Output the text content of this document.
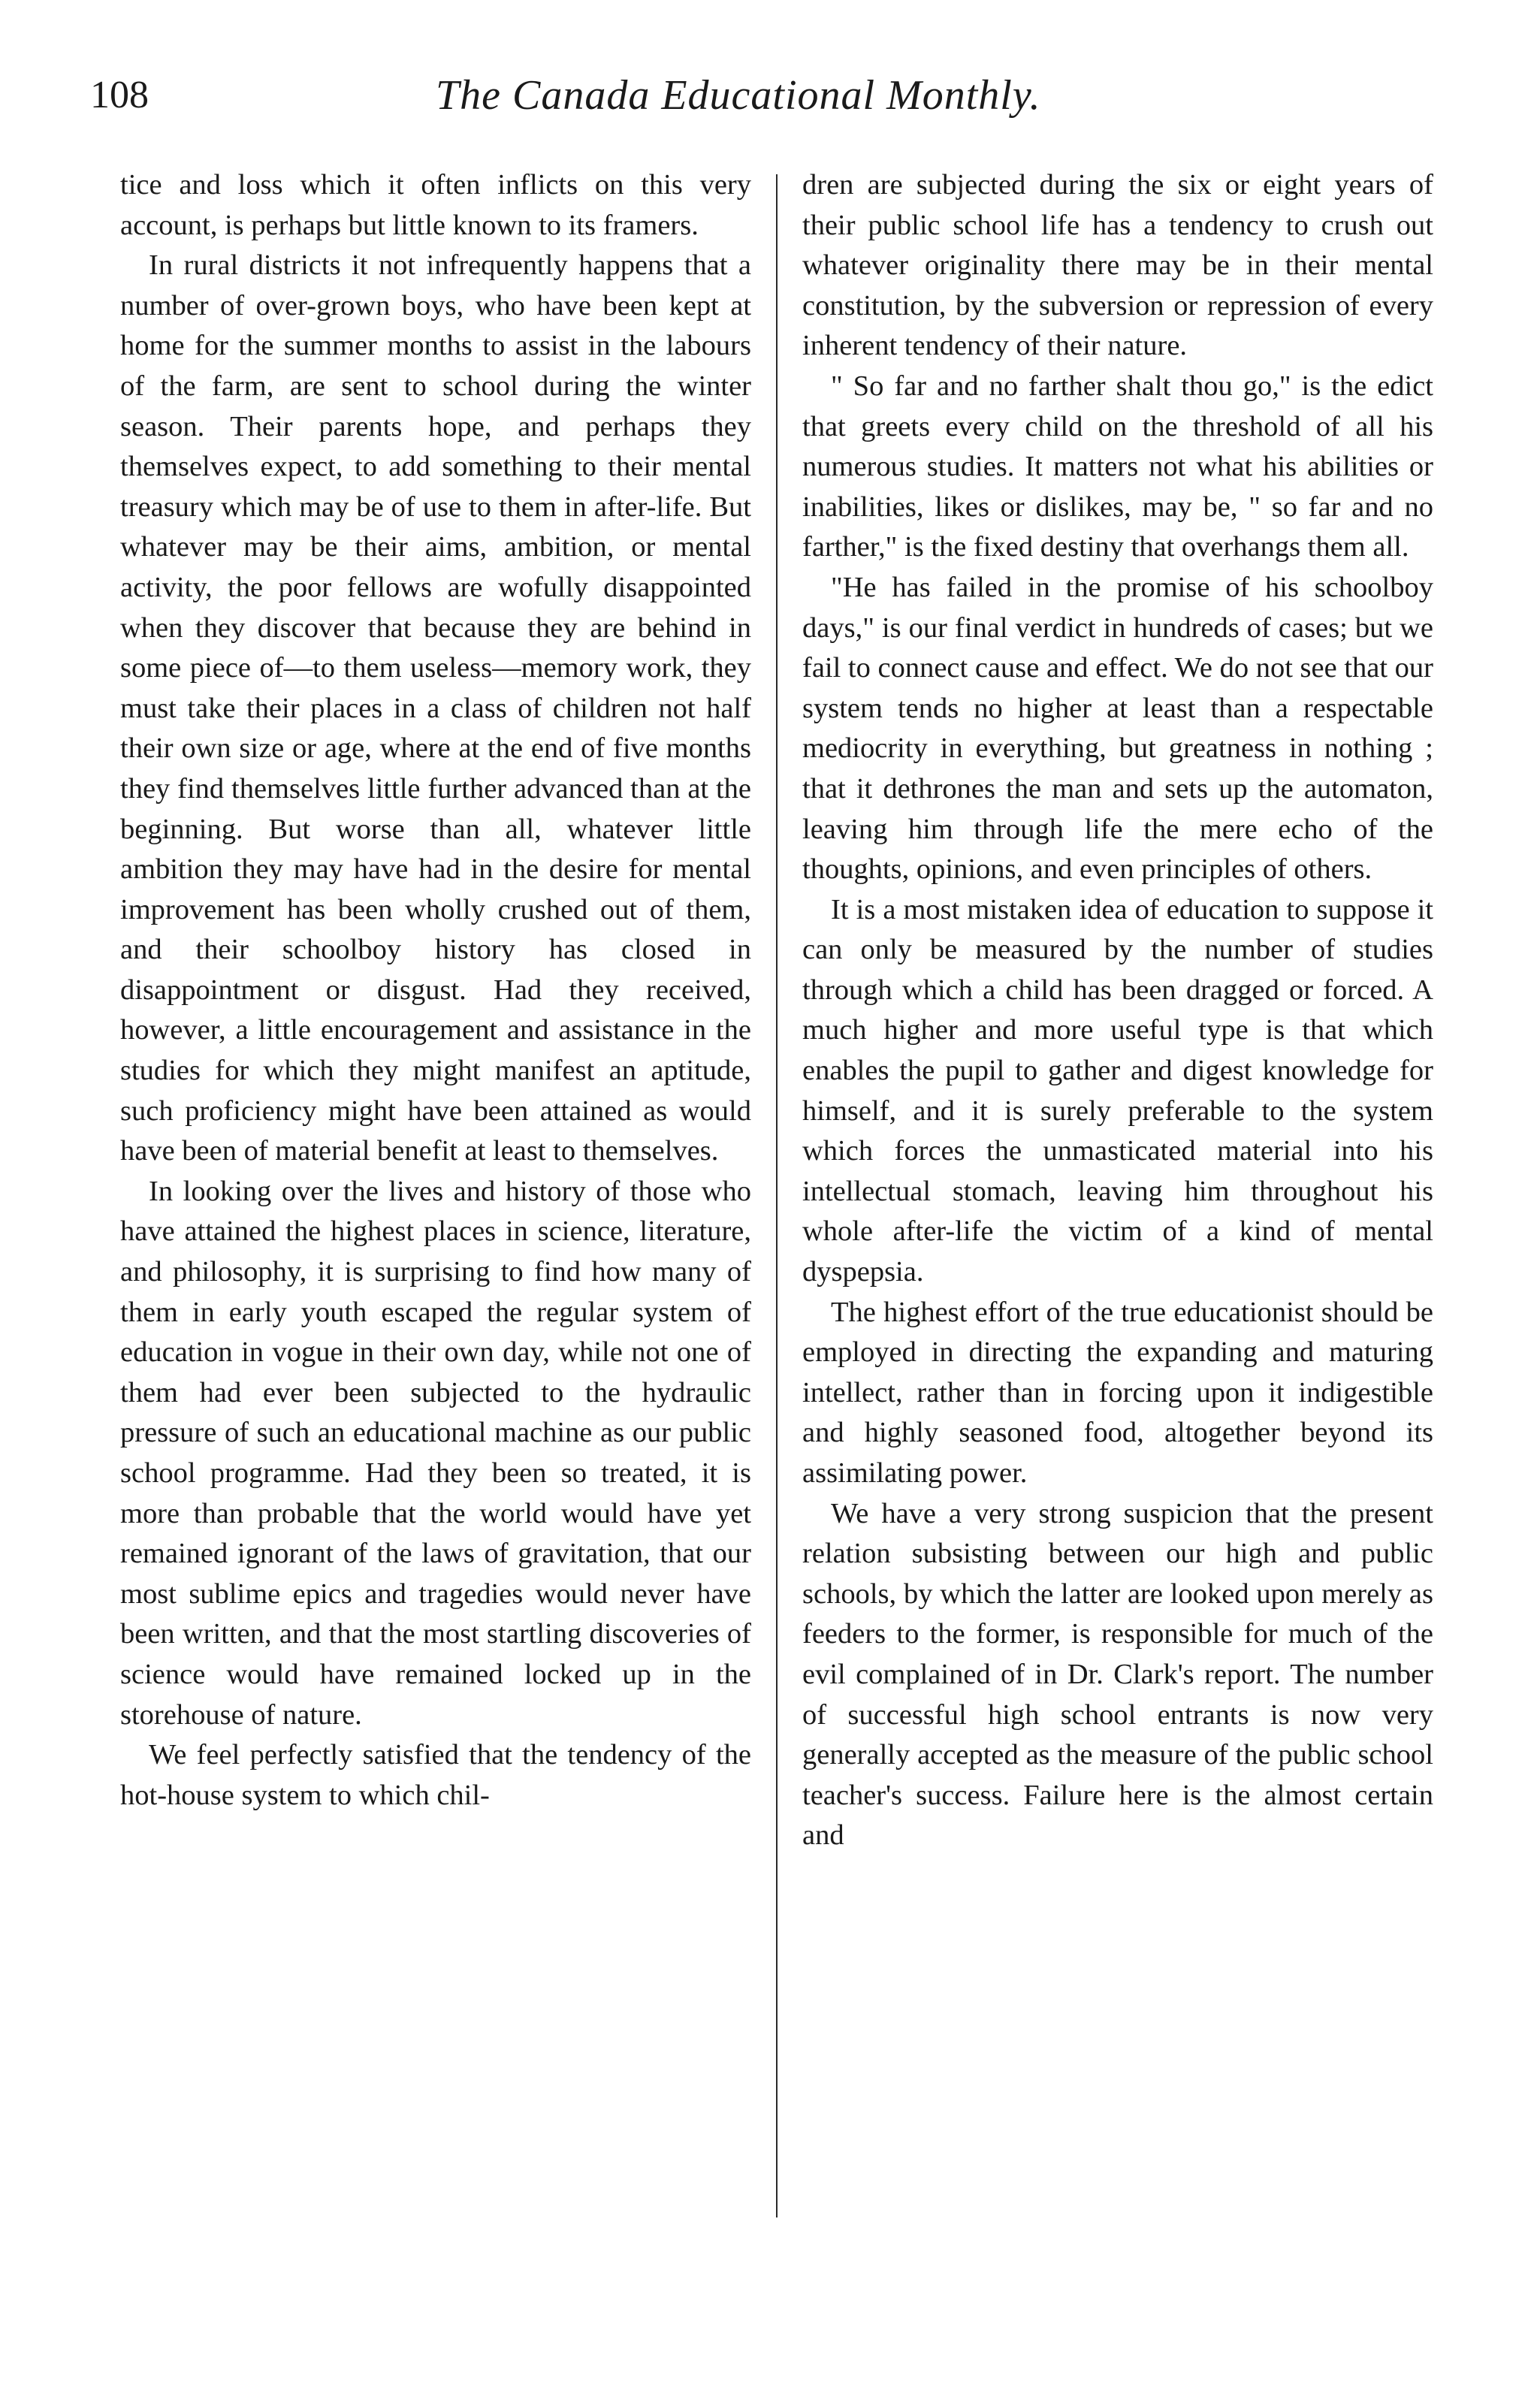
108	The Canada Educational Monthly.

tice and loss which it often inflicts on this very account, is perhaps but little known to its framers.

In rural districts it not infrequently happens that a number of over-grown boys, who have been kept at home for the summer months to assist in the labours of the farm, are sent to school during the winter season. Their parents hope, and perhaps they themselves expect, to add something to their mental treasury which may be of use to them in after-life. But whatever may be their aims, ambition, or mental activity, the poor fellows are wofully disappointed when they discover that because they are behind in some piece of—to them useless—memory work, they must take their places in a class of children not half their own size or age, where at the end of five months they find themselves little further advanced than at the beginning. But worse than all, whatever little ambition they may have had in the desire for mental improvement has been wholly crushed out of them, and their schoolboy history has closed in disappointment or disgust. Had they received, however, a little encouragement and assistance in the studies for which they might manifest an aptitude, such proficiency might have been attained as would have been of material benefit at least to themselves.

In looking over the lives and history of those who have attained the highest places in science, literature, and philosophy, it is surprising to find how many of them in early youth escaped the regular system of education in vogue in their own day, while not one of them had ever been subjected to the hydraulic pressure of such an educational machine as our public school programme. Had they been so treated, it is more than probable that the world would have yet remained ignorant of the laws of gravitation, that our most sublime epics and tragedies would never have been written, and that the most startling discoveries of science would have remained locked up in the storehouse of nature.

We feel perfectly satisfied that the tendency of the hot-house system to which chil-

dren are subjected during the six or eight years of their public school life has a tendency to crush out whatever originality there may be in their mental constitution, by the subversion or repression of every inherent tendency of their nature.

" So far and no farther shalt thou go," is the edict that greets every child on the threshold of all his numerous studies. It matters not what his abilities or inabilities, likes or dislikes, may be, " so far and no farther," is the fixed destiny that overhangs them all.

"He has failed in the promise of his schoolboy days," is our final verdict in hundreds of cases; but we fail to connect cause and effect. We do not see that our system tends no higher at least than a respectable mediocrity in everything, but greatness in nothing ; that it dethrones the man and sets up the automaton, leaving him through life the mere echo of the thoughts, opinions, and even principles of others.

It is a most mistaken idea of education to suppose it can only be measured by the number of studies through which a child has been dragged or forced. A much higher and more useful type is that which enables the pupil to gather and digest knowledge for himself, and it is surely preferable to the system which forces the unmasticated material into his intellectual stomach, leaving him throughout his whole after-life the victim of a kind of mental dyspepsia.

The highest effort of the true educationist should be employed in directing the expanding and maturing intellect, rather than in forcing upon it indigestible and highly seasoned food, altogether beyond its assimilating power.

We have a very strong suspicion that the present relation subsisting between our high and public schools, by which the latter are looked upon merely as feeders to the former, is responsible for much of the evil complained of in Dr. Clark's report. The number of successful high school entrants is now very generally accepted as the measure of the public school teacher's success. Failure here is the almost certain and
